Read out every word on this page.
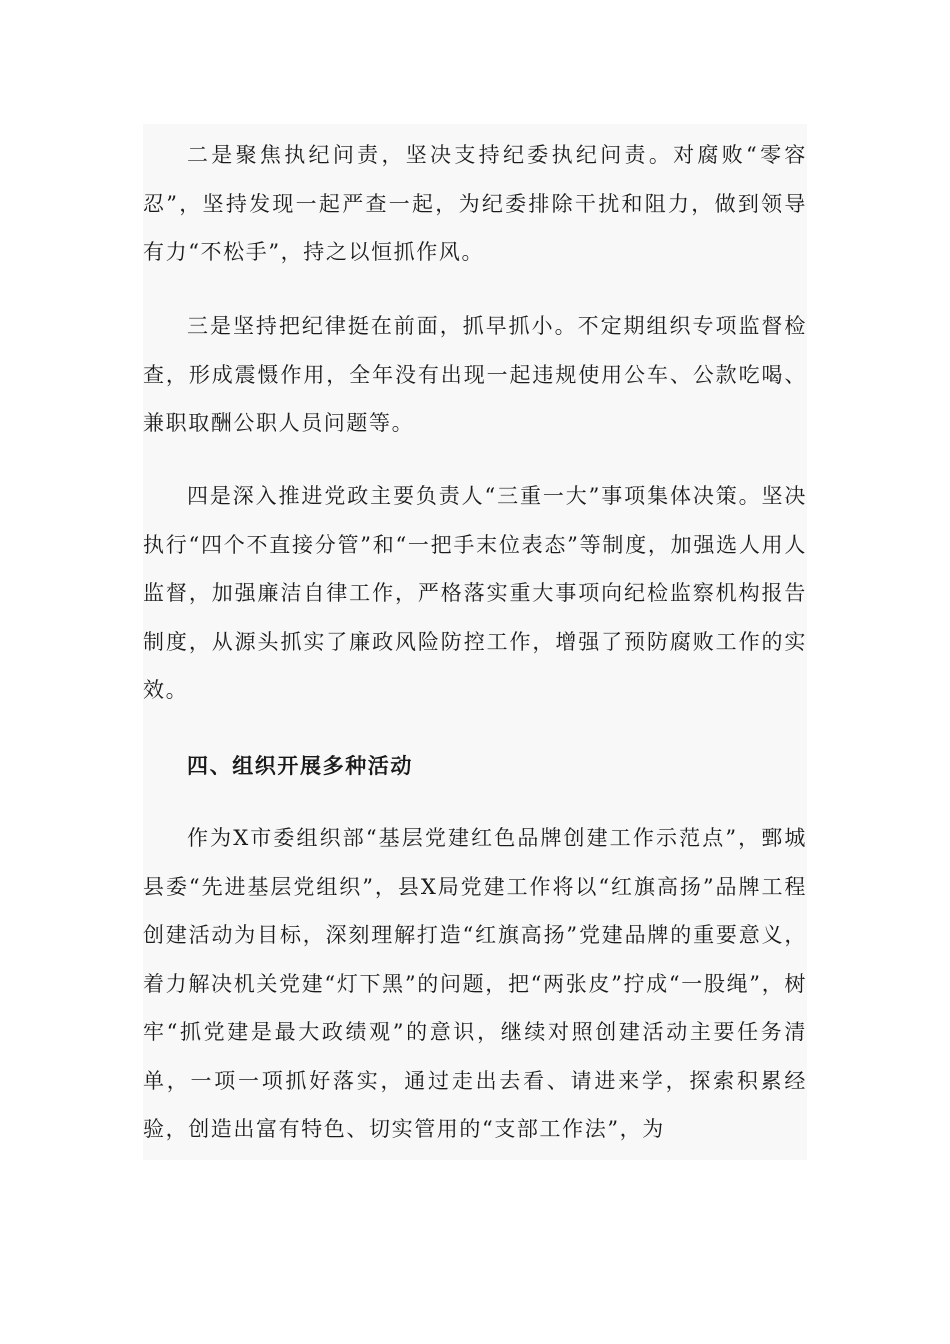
二是聚焦执纪问责，坚决支持纪委执纪问责。对腐败“零容忍”，坚持发现一起严查一起，为纪委排除干扰和阻力，做到领导有力“不松手”，持之以恒抓作风。

三是坚持把纪律挺在前面，抓早抓小。不定期组织专项监督检查，形成震慑作用，全年没有出现一起违规使用公车、公款吃喝、兼职取酬公职人员问题等。

四是深入推进党政主要负责人“三重一大”事项集体决策。坚决执行“四个不直接分管”和“一把手末位表态”等制度，加强选人用人监督，加强廉洁自律工作，严格落实重大事项向纪检监察机构报告制度，从源头抓实了廉政风险防控工作，增强了预防腐败工作的实效。

四、组织开展多种活动

作为X市委组织部“基层党建红色品牌创建工作示范点”，鄄城县委“先进基层党组织”，县X局党建工作将以“红旗高扬”品牌工程创建活动为目标，深刻理解打造“红旗高扬”党建品牌的重要意义，着力解决机关党建“灯下黑”的问题，把“两张皮”拧成“一股绳”，树牢“抓党建是最大政绩观”的意识，继续对照创建活动主要任务清单，一项一项抓好落实，通过走出去看、请进来学，探索积累经验，创造出富有特色、切实管用的“支部工作法”，为
